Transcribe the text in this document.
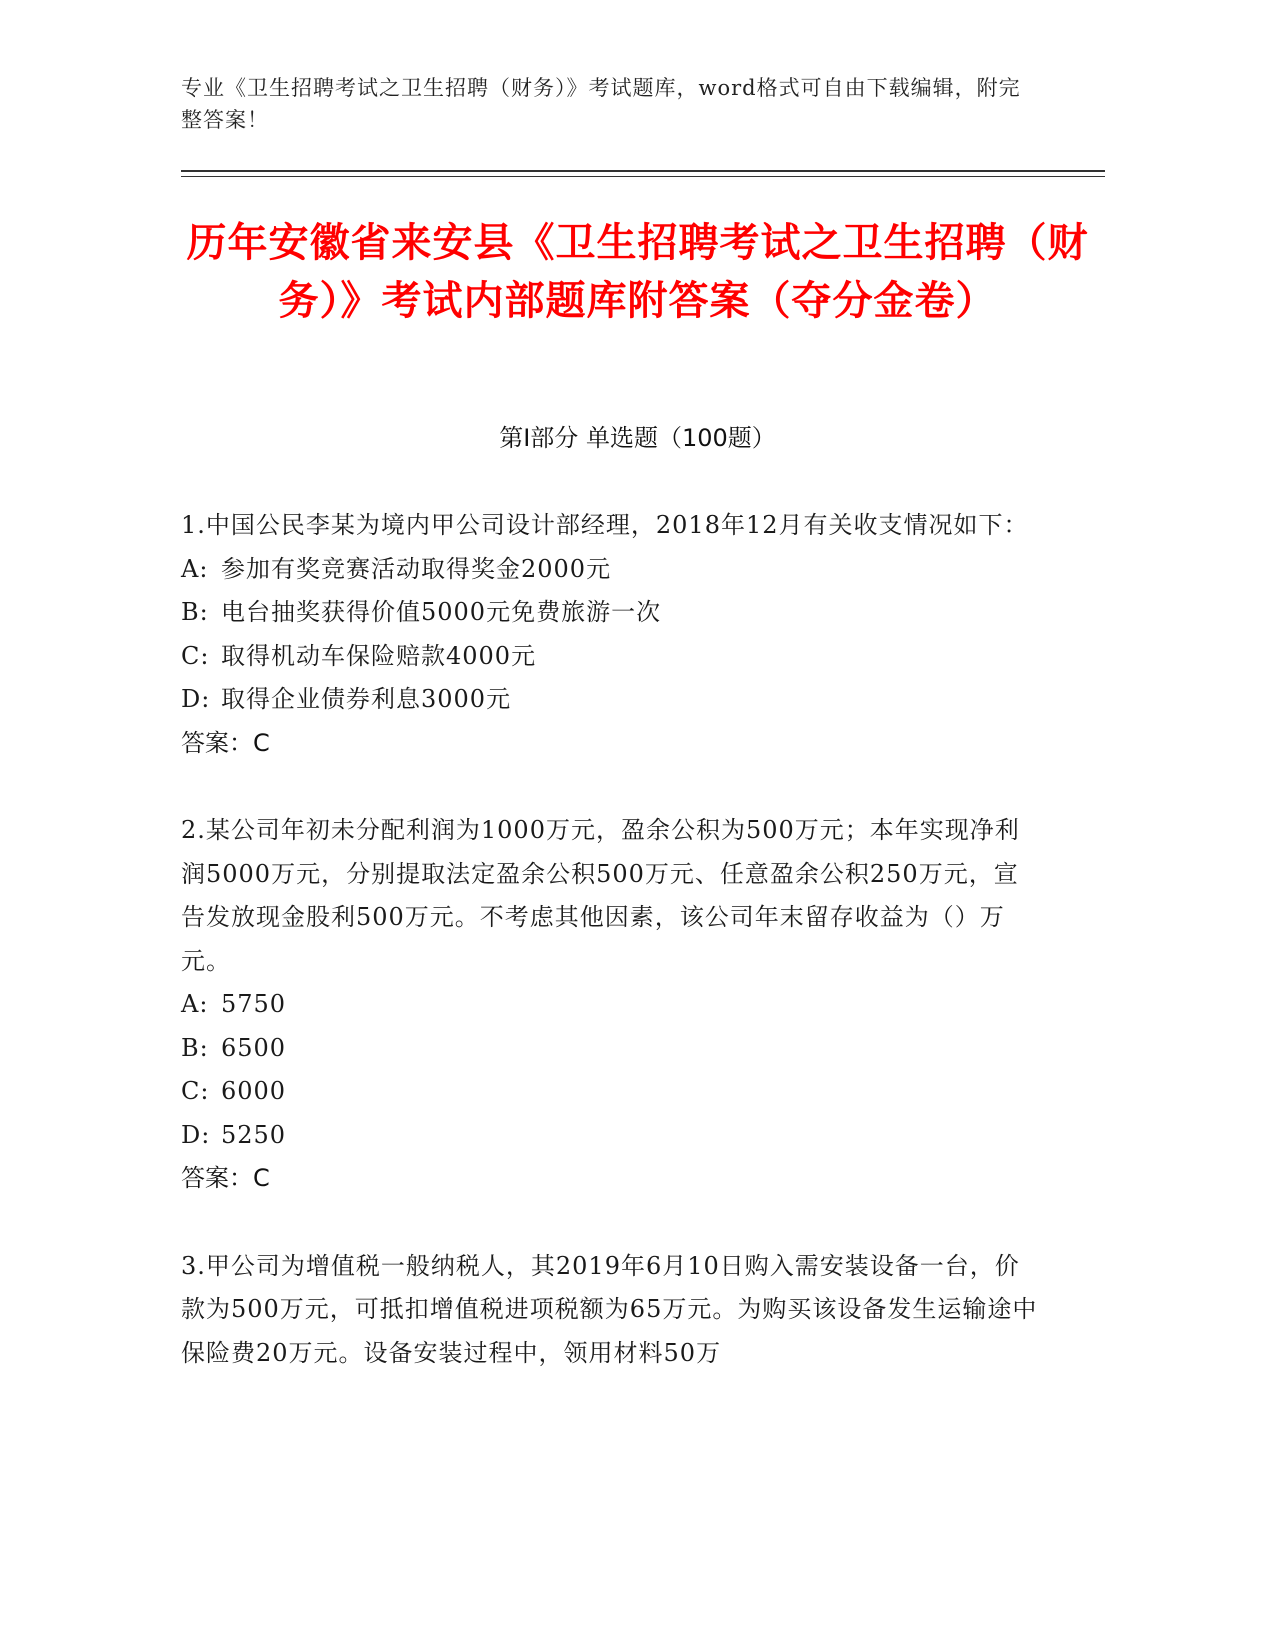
专业《卫生招聘考试之卫生招聘（财务）》考试题库，word格式可自由下载编辑，附完整答案！
历年安徽省来安县《卫生招聘考试之卫生招聘（财务）》考试内部题库附答案（夺分金卷）
第Ⅰ部分 单选题（100题）

1.中国公民李某为境内甲公司设计部经理，2018年12月有关收支情况如下：

A: 参加有奖竞赛活动取得奖金2000元

B: 电台抽奖获得价值5000元免费旅游一次

C: 取得机动车保险赔款4000元

D: 取得企业债券利息3000元

答案：C

2.某公司年初未分配利润为1000万元，盈余公积为500万元；本年实现净利润5000万元，分别提取法定盈余公积500万元、任意盈余公积250万元，宣告发放现金股利500万元。不考虑其他因素，该公司年末留存收益为（）万元。

A: 5750

B: 6500

C: 6000

D: 5250

答案：C

3.甲公司为增值税一般纳税人，其2019年6月10日购入需安装设备一台，价款为500万元，可抵扣增值税进项税额为65万元。为购买该设备发生运输途中保险费20万元。设备安装过程中，领用材料50万
